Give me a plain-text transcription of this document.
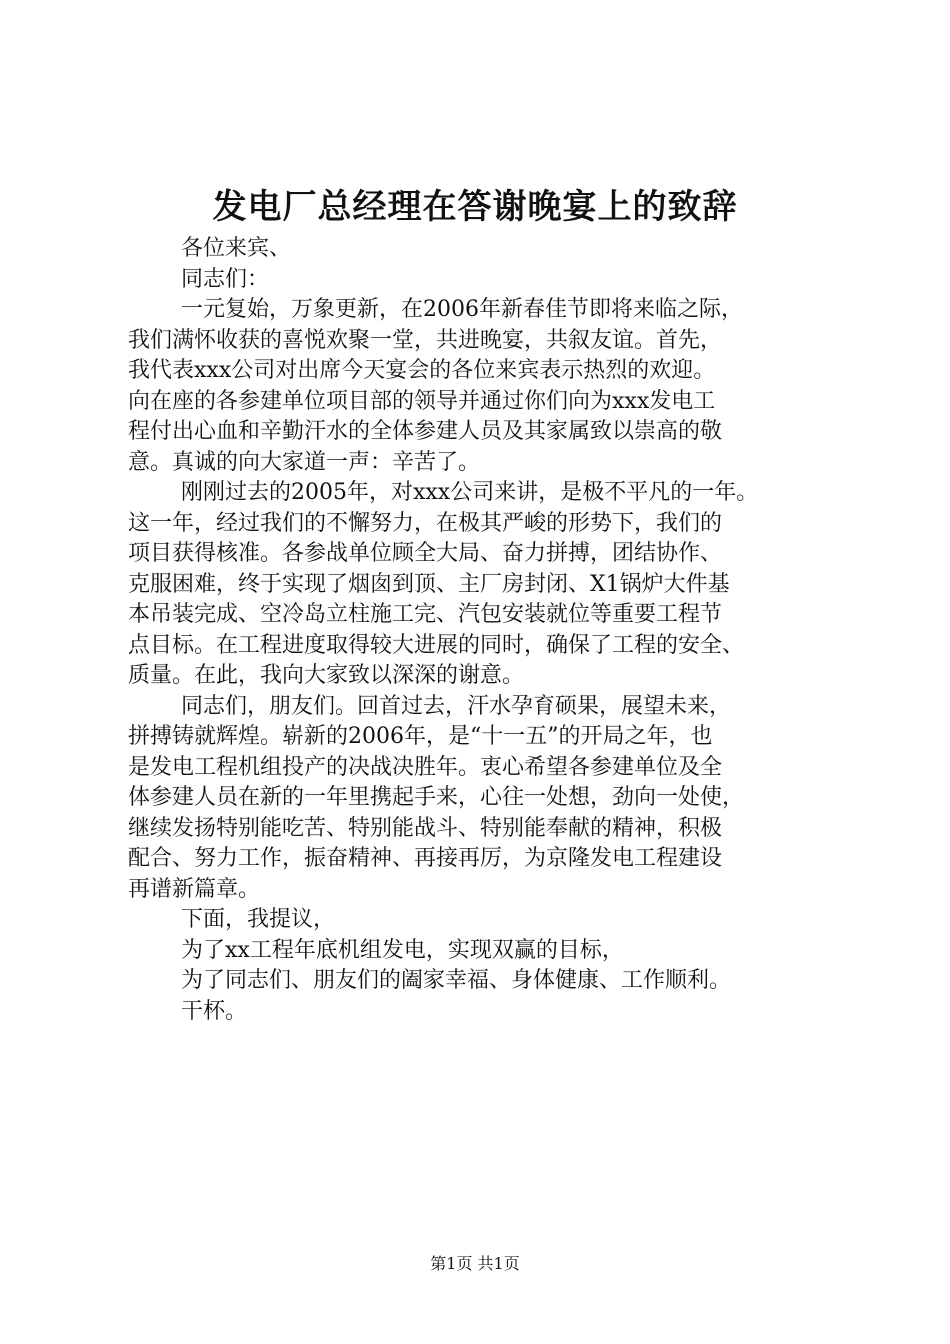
发电厂总经理在答谢晚宴上的致辞
各位来宾、
同志们：
一元复始，万象更新，在2006年新春佳节即将来临之际，
我们满怀收获的喜悦欢聚一堂，共进晚宴，共叙友谊。首先，
我代表xxx公司对出席今天宴会的各位来宾表示热烈的欢迎。
向在座的各参建单位项目部的领导并通过你们向为xxx发电工
程付出心血和辛勤汗水的全体参建人员及其家属致以崇高的敬
意。真诚的向大家道一声：辛苦了。
刚刚过去的2005年，对xxx公司来讲，是极不平凡的一年。
这一年，经过我们的不懈努力，在极其严峻的形势下，我们的
项目获得核准。各参战单位顾全大局、奋力拼搏，团结协作、
克服困难，终于实现了烟囱到顶、主厂房封闭、X1锅炉大件基
本吊装完成、空冷岛立柱施工完、汽包安装就位等重要工程节
点目标。在工程进度取得较大进展的同时，确保了工程的安全、
质量。在此，我向大家致以深深的谢意。
同志们，朋友们。回首过去，汗水孕育硕果，展望未来，
拼搏铸就辉煌。崭新的2006年，是“十一五”的开局之年，也
是发电工程机组投产的决战决胜年。衷心希望各参建单位及全
体参建人员在新的一年里携起手来，心往一处想，劲向一处使，
继续发扬特别能吃苦、特别能战斗、特别能奉献的精神，积极
配合、努力工作，振奋精神、再接再厉，为京隆发电工程建设
再谱新篇章。
下面，我提议，
为了xx工程年底机组发电，实现双赢的目标，
为了同志们、朋友们的阖家幸福、身体健康、工作顺利。
干杯。
第1页 共1页
